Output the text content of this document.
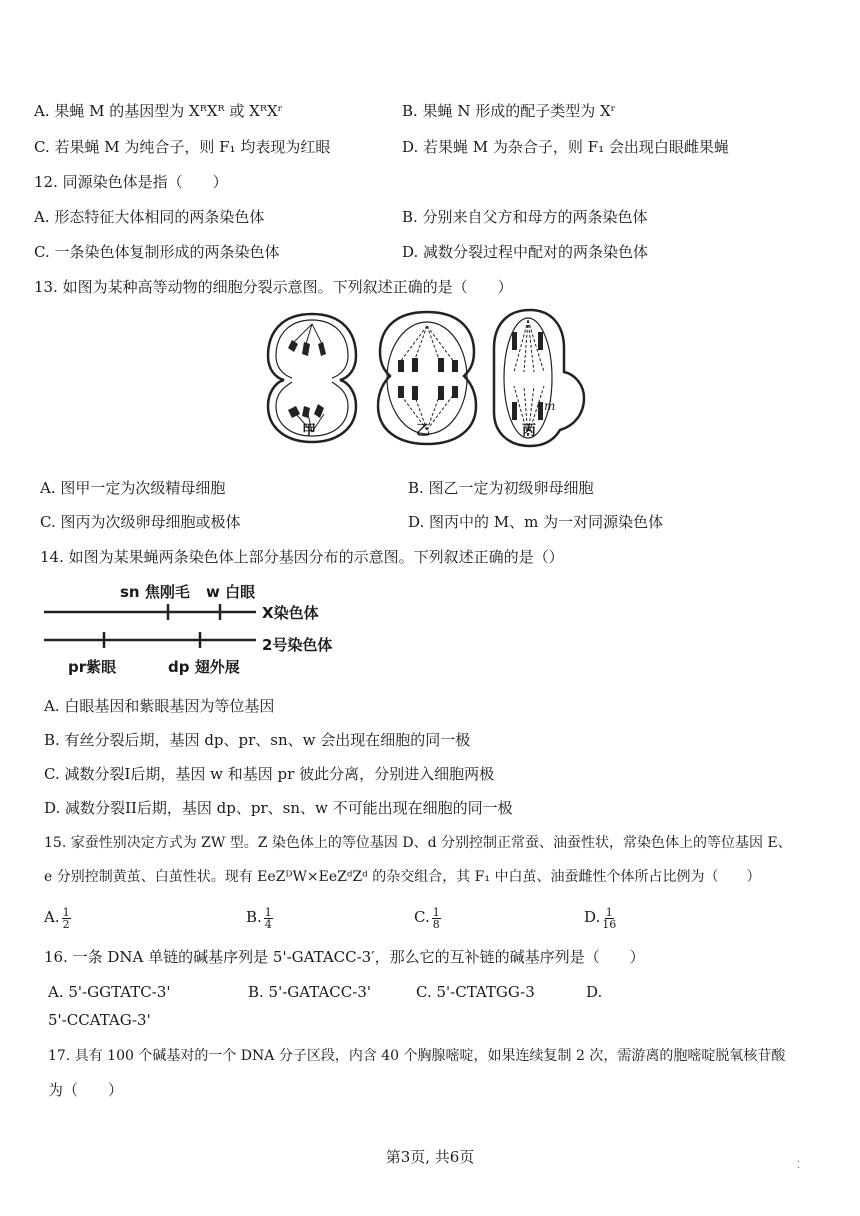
A. 果蝇 M 的基因型为 XᴿXᴿ 或 XᴿXʳ	B. 果蝇 N 形成的配子类型为 Xʳ
C. 若果蝇 M 为纯合子，则 F₁ 均表现为红眼	D. 若果蝇 M 为杂合子，则 F₁ 会出现白眼雌果蝇
12. 同源染色体是指（　　）
A. 形态特征大体相同的两条染色体	B. 分别来自父方和母方的两条染色体
C. 一条染色体复制形成的两条染色体	D. 减数分裂过程中配对的两条染色体
13. 如图为某种高等动物的细胞分裂示意图。下列叙述正确的是（　　）
m
甲	乙	丙
A. 图甲一定为次级精母细胞	B. 图乙一定为初级卵母细胞
C. 图丙为次级卵母细胞或极体	D. 图丙中的 M、m 为一对同源染色体
14. 如图为某果蝇两条染色体上部分基因分布的示意图。下列叙述正确的是（）
sn 焦刚毛 w 白眼
X染色体
2号染色体
pr紫眼	dp 翅外展
A. 白眼基因和紫眼基因为等位基因
B. 有丝分裂后期，基因 dp、pr、sn、w 会出现在细胞的同一极
C. 减数分裂I后期，基因 w 和基因 pr 彼此分离，分别进入细胞两极
D. 减数分裂II后期，基因 dp、pr、sn、w 不可能出现在细胞的同一极
15. 家蚕性别决定方式为 ZW 型。Z 染色体上的等位基因 D、d 分别控制正常蚕、油蚕性状，常染色体上的等位基因 E、
e 分别控制黄茧、白茧性状。现有 EeZᴰW×EeZᵈZᵈ 的杂交组合，其 F₁ 中白茧、油蚕雌性个体所占比例为（　　）
A. $\frac{1}{2}$	B. $\frac{1}{4}$	C. $\frac{1}{8}$	D. $\frac{1}{16}$
16. 一条 DNA 单链的碱基序列是 5'-GATACC-3′，那么它的互补链的碱基序列是（　　）
A. 5'-GGTATC-3'	B. 5'-GATACC-3'	C. 5'-CTATGG-3	D.
5'-CCATAG-3'
17. 具有 100 个碱基对的一个 DNA 分子区段，内含 40 个胸腺嘧啶，如果连续复制 2 次，需游离的胞嘧啶脱氧核苷酸
为（　　）
第3页, 共6页	⁚
